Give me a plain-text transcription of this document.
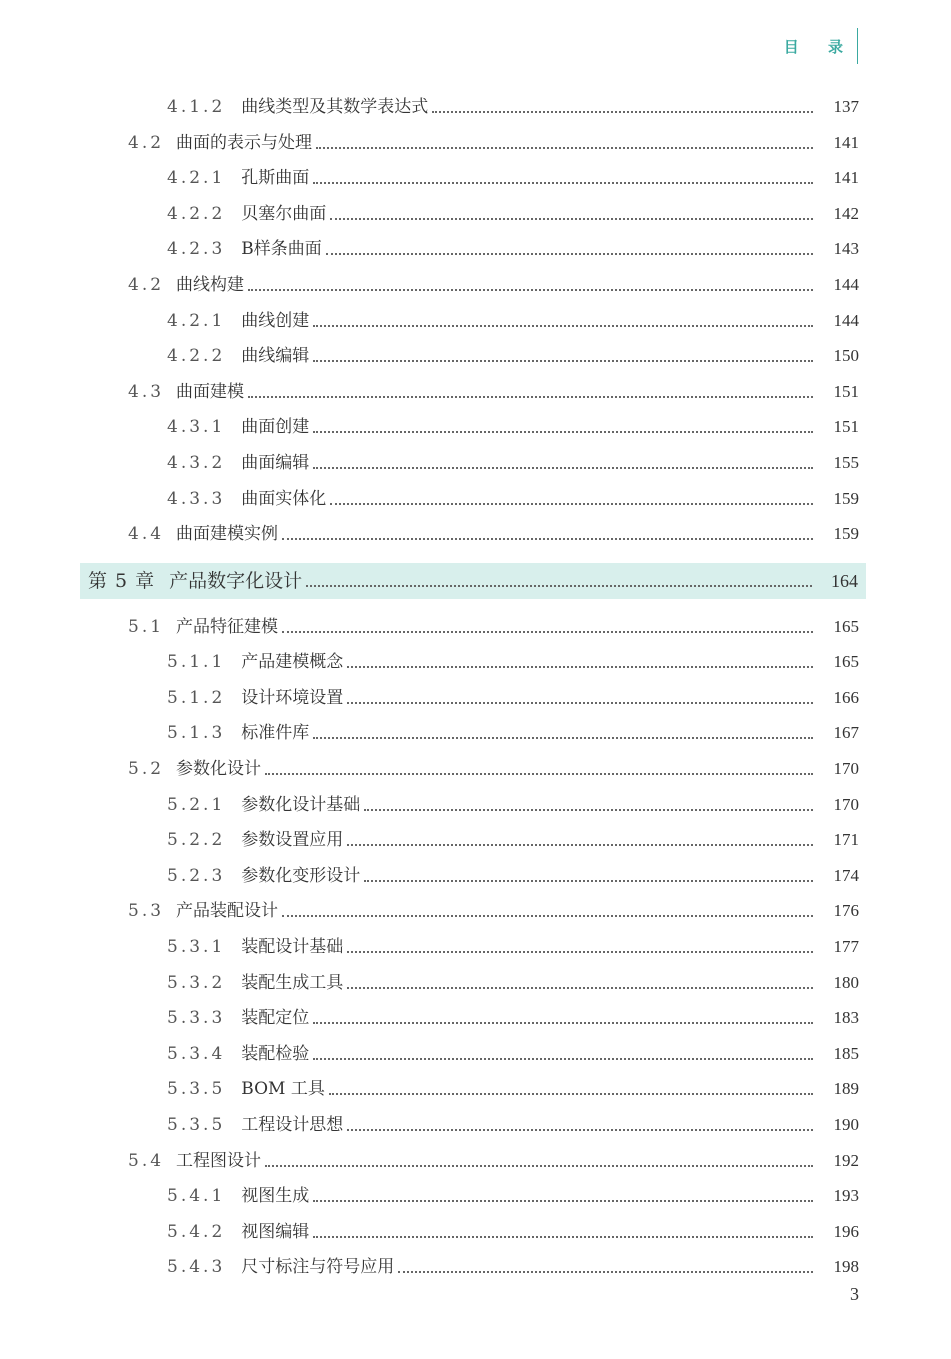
目 录
4.1.2 曲线类型及其数学表达式	137
4.2 曲面的表示与处理	141
4.2.1 孔斯曲面	141
4.2.2 贝塞尔曲面	142
4.2.3 B样条曲面	143
4.2 曲线构建	144
4.2.1 曲线创建	144
4.2.2 曲线编辑	150
4.3 曲面建模	151
4.3.1 曲面创建	151
4.3.2 曲面编辑	155
4.3.3 曲面实体化	159
4.4 曲面建模实例	159
第 5 章 产品数字化设计	164
5.1 产品特征建模	165
5.1.1 产品建模概念	165
5.1.2 设计环境设置	166
5.1.3 标准件库	167
5.2 参数化设计	170
5.2.1 参数化设计基础	170
5.2.2 参数设置应用	171
5.2.3 参数化变形设计	174
5.3 产品装配设计	176
5.3.1 装配设计基础	177
5.3.2 装配生成工具	180
5.3.3 装配定位	183
5.3.4 装配检验	185
5.3.5 BOM 工具	189
5.3.5 工程设计思想	190
5.4 工程图设计	192
5.4.1 视图生成	193
5.4.2 视图编辑	196
5.4.3 尺寸标注与符号应用	198
3
